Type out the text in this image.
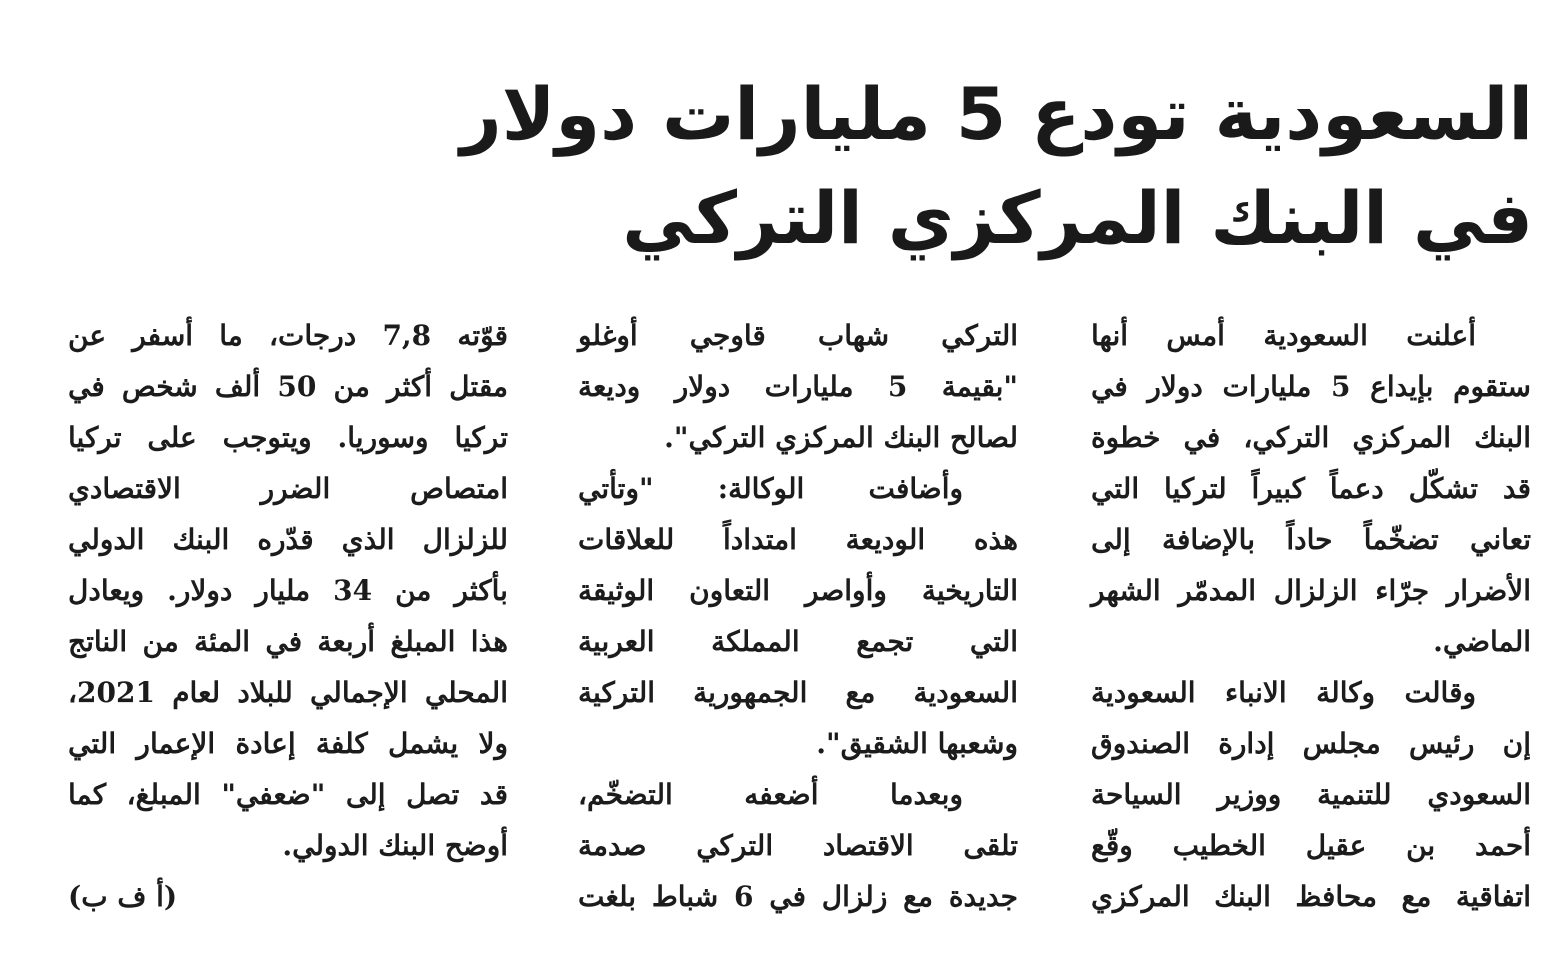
السعودية تودع 5 مليارات دولار
في البنك المركزي التركي

أعلنت السعودية أمس أنها
ستقوم بإيداع 5 مليارات دولار في
البنك المركزي التركي، في خطوة
قد تشكّل دعماً كبيراً لتركيا التي
تعاني تضخّماً حاداً بالإضافة إلى
الأضرار جرّاء الزلزال المدمّر الشهر
الماضي.

وقالت وكالة الانباء السعودية
إن رئيس مجلس إدارة الصندوق
السعودي للتنمية ووزير السياحة
أحمد بن عقيل الخطيب وقّع
اتفاقية مع محافظ البنك المركزي

التركي شهاب قاوجي أوغلو
"بقيمة 5 مليارات دولار وديعة
لصالح البنك المركزي التركي".

وأضافت الوكالة: "وتأتي
هذه الوديعة امتداداً للعلاقات
التاريخية وأواصر التعاون الوثيقة
التي تجمع المملكة العربية
السعودية مع الجمهورية التركية
وشعبها الشقيق".

وبعدما أضعفه التضخّم،
تلقى الاقتصاد التركي صدمة
جديدة مع زلزال في 6 شباط بلغت

قوّته 7,8 درجات، ما أسفر عن
مقتل أكثر من 50 ألف شخص في
تركيا وسوريا. ويتوجب على تركيا
امتصاص الضرر الاقتصادي
للزلزال الذي قدّره البنك الدولي
بأكثر من 34 مليار دولار. ويعادل
هذا المبلغ أربعة في المئة من الناتج
المحلي الإجمالي للبلاد لعام 2021،
ولا يشمل كلفة إعادة الإعمار التي
قد تصل إلى "ضعفي" المبلغ، كما
أوضح البنك الدولي.

(أ ف ب)
